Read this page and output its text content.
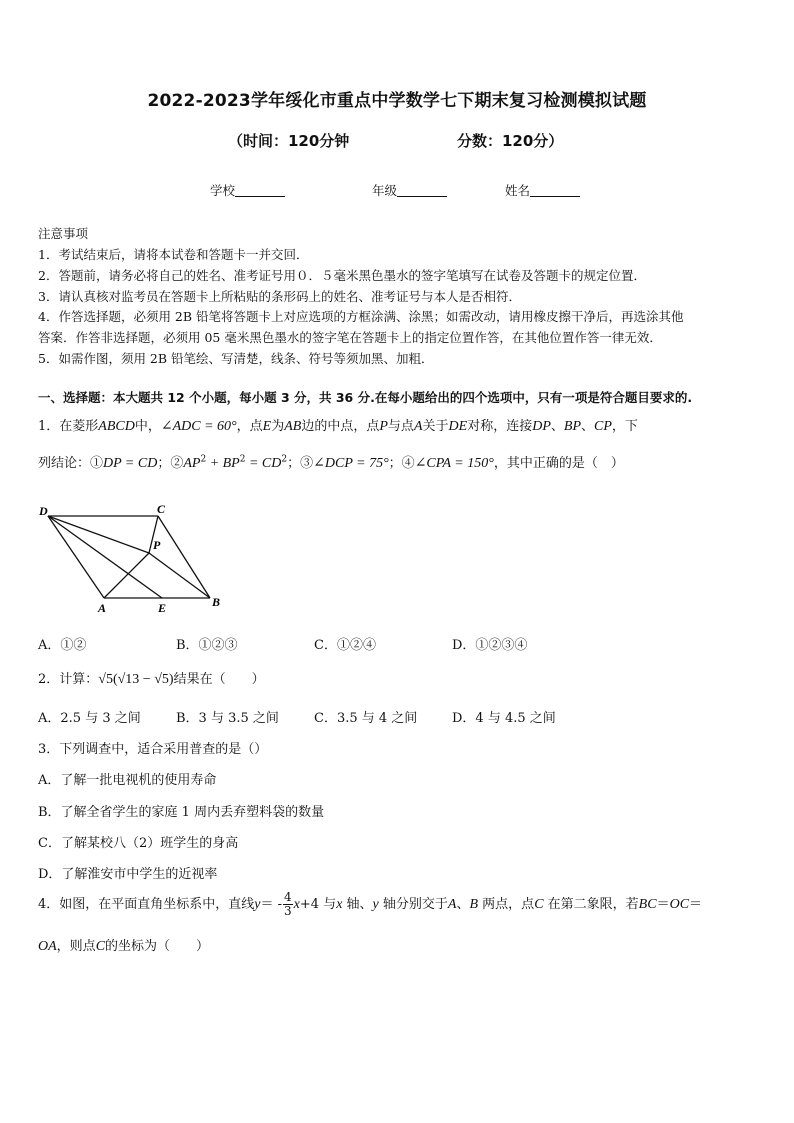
2022-2023学年绥化市重点中学数学七下期末复习检测模拟试题
（时间：120分钟	分数：120分）
学校	年级	姓名
注意事项
1．考试结束后，请将本试卷和答题卡一并交回．
2．答题前，请务必将自己的姓名、准考证号用０．５毫米黑色墨水的签字笔填写在试卷及答题卡的规定位置．
3．请认真核对监考员在答题卡上所粘贴的条形码上的姓名、准考证号与本人是否相符．
4．作答选择题，必须用 2B 铅笔将答题卡上对应选项的方框涂满、涂黑；如需改动，请用橡皮擦干净后，再选涂其他
答案．作答非选择题，必须用 05 毫米黑色墨水的签字笔在答题卡上的指定位置作答，在其他位置作答一律无效．
5．如需作图，须用 2B 铅笔绘、写清楚，线条、符号等须加黑、加粗．
一、选择题：本大题共 12 个小题，每小题 3 分，共 36 分.在每小题给出的四个选项中，只有一项是符合题目要求的.
1．在菱形ABCD中，∠ADC = 60°，点E为AB边的中点，点P与点A关于DE对称，连接DP、BP、CP，下
列结论：①DP = CD；$②AP^2 + BP^2 = CD^2$；③∠DCP = 75°；④∠CPA = 150°，其中正确的是（　）
D	C
P
A	E	B
A．①②	B．①②③	C．①②④	D．①②③④
2．计算：√5(√13 − √5)结果在（　　）
A．2.5 与 3 之间	B．3 与 3.5 之间	C．3.5 与 4 之间	D．4 与 4.5 之间
3．下列调查中，适合采用普查的是（）
A．了解一批电视机的使用寿命
B．了解全省学生的家庭 1 周内丢弃塑料袋的数量
C．了解某校八（2）班学生的身高
D．了解淮安市中学生的近视率
4．如图，在平面直角坐标系中，直线$y= - \frac{4}{3} x+4$ 与x 轴、y 轴分别交于A、B 两点，点C 在第二象限，若BC＝OC＝
OA，则点C的坐标为（　　）
